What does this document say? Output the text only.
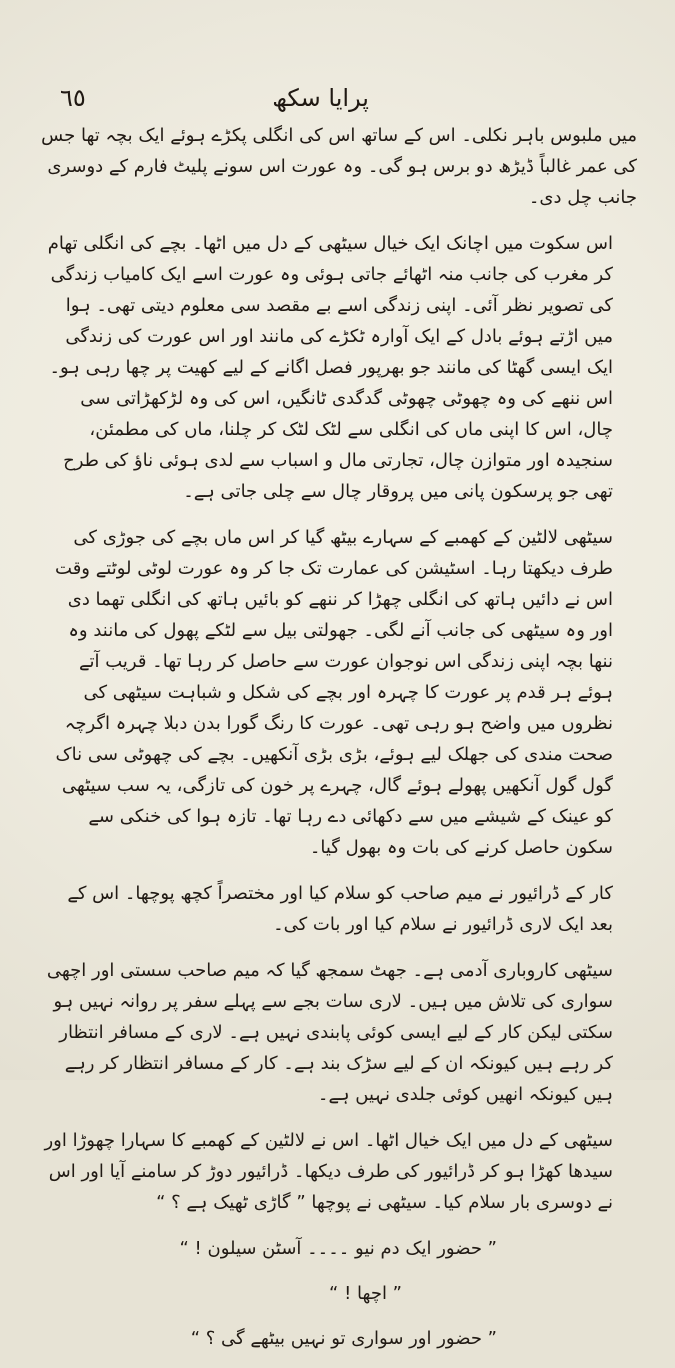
پرایا سکھ
٦٥

میں ملبوس باہر نکلی۔ اس کے ساتھ اس کی انگلی پکڑے ہوئے ایک بچہ تھا جس کی عمر غالباً ڈیڑھ دو برس ہو گی۔ وہ عورت اس سونے پلیٹ فارم کے دوسری جانب چل دی۔

اس سکوت میں اچانک ایک خیال سیٹھی کے دل میں اٹھا۔ بچے کی انگلی تھام کر مغرب کی جانب منہ اٹھائے جاتی ہوئی وہ عورت اسے ایک کامیاب زندگی کی تصویر نظر آئی۔ اپنی زندگی اسے بے مقصد سی معلوم دیتی تھی۔ ہوا میں اڑتے ہوئے بادل کے ایک آوارہ ٹکڑے کی مانند اور اس عورت کی زندگی ایک ایسی گھٹا کی مانند جو بھرپور فصل اگانے کے لیے کھیت پر چھا رہی ہو۔ اس ننھے کی وہ چھوٹی چھوٹی گدگدی ٹانگیں، اس کی وہ لڑکھڑاتی سی چال، اس کا اپنی ماں کی انگلی سے لٹک لٹک کر چلنا، ماں کی مطمئن، سنجیدہ اور متوازن چال، تجارتی مال و اسباب سے لدی ہوئی ناؤ کی طرح تھی جو پرسکون پانی میں پروقار چال سے چلی جاتی ہے۔

سیٹھی لالٹین کے کھمبے کے سہارے بیٹھ گیا کر اس ماں بچے کی جوڑی کی طرف دیکھتا رہا۔ اسٹیشن کی عمارت تک جا کر وہ عورت لوٹی لوٹتے وقت اس نے دائیں ہاتھ کی انگلی چھڑا کر ننھے کو بائیں ہاتھ کی انگلی تھما دی اور وہ سیٹھی کی جانب آنے لگی۔ جھولتی بیل سے لٹکے پھول کی مانند وہ ننھا بچہ اپنی زندگی اس نوجوان عورت سے حاصل کر رہا تھا۔ قریب آتے ہوئے ہر قدم پر عورت کا چہرہ اور بچے کی شکل و شباہت سیٹھی کی نظروں میں واضح ہو رہی تھی۔ عورت کا رنگ گورا بدن دبلا چہرہ اگرچہ صحت مندی کی جھلک لیے ہوئے، بڑی بڑی آنکھیں۔ بچے کی چھوٹی سی ناک گول گول آنکھیں پھولے ہوئے گال، چہرے پر خون کی تازگی، یہ سب سیٹھی کو عینک کے شیشے میں سے دکھائی دے رہا تھا۔ تازہ ہوا کی خنکی سے سکون حاصل کرنے کی بات وہ بھول گیا۔

کار کے ڈرائیور نے میم صاحب کو سلام کیا اور مختصراً کچھ پوچھا۔ اس کے بعد ایک لاری ڈرائیور نے سلام کیا اور بات کی۔

سیٹھی کاروباری آدمی ہے۔ جھٹ سمجھ گیا کہ میم صاحب سستی اور اچھی سواری کی تلاش میں ہیں۔ لاری سات بجے سے پہلے سفر پر روانہ نہیں ہو سکتی لیکن کار کے لیے ایسی کوئی پابندی نہیں ہے۔ لاری کے مسافر انتظار کر رہے ہیں کیونکہ ان کے لیے سڑک بند ہے۔ کار کے مسافر انتظار کر رہے ہیں کیونکہ انھیں کوئی جلدی نہیں ہے۔

سیٹھی کے دل میں ایک خیال اٹھا۔ اس نے لالٹین کے کھمبے کا سہارا چھوڑا اور سیدھا کھڑا ہو کر ڈرائیور کی طرف دیکھا۔ ڈرائیور دوڑ کر سامنے آیا اور اس نے دوسری بار سلام کیا۔ سیٹھی نے پوچھا ” گاڑی ٹھیک ہے ؟ “

” حضور ایک دم نیو ۔۔۔۔ آسٹن سیلون ! “

” اچھا ! “

” حضور اور سواری تو نہیں بیٹھے گی ؟ “
